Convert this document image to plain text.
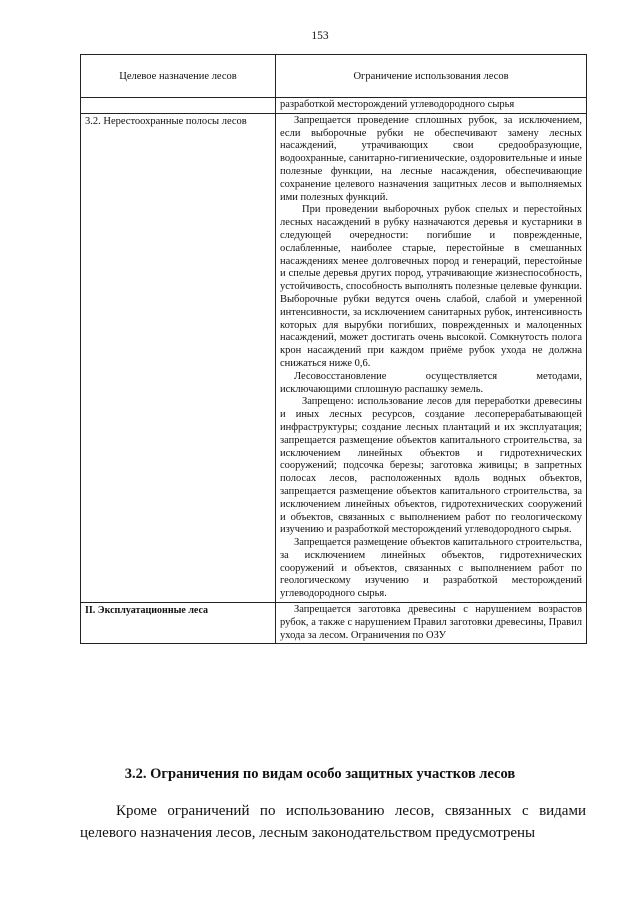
153
Целевое назначение лесов	Ограничение использования лесов

	разработкой месторождений углеводородного сырья

3.2. Нерестоохранные полосы лесов	Запрещается проведение сплошных рубок, за исключением, если выборочные рубки не обеспечивают замену лесных насаждений, утрачивающих свои средообразующие, водоохранные, санитарно-гигиенические, оздоровительные и иные полезные функции, на лесные насаждения, обеспечивающие сохранение целевого назначения защитных лесов и выполняемых ими полезных функций.

При проведении выборочных рубок спелых и перестойных лесных насаждений в рубку назначаются деревья и кустарники в следующей очередности: погибшие и поврежденные, ослабленные, наиболее старые, перестойные в смешанных насаждениях менее долговечных пород и генераций, перестойные и спелые деревья других пород, утрачивающие жизнеспособность, устойчивость, способность выполнять полезные целевые функции. Выборочные рубки ведутся очень слабой, слабой и умеренной интенсивности, за исключением санитарных рубок, интенсивность которых для вырубки погибших, поврежденных и малоценных насаждений, может достигать очень высокой. Сомкнутость полога крон насаждений при каждом приёме рубок ухода не должна снижаться ниже 0,6.

Лесовосстановление осуществляется методами, исключающими сплошную распашку земель.

Запрещено: использование лесов для переработки древесины и иных лесных ресурсов, создание лесоперерабатывающей инфраструктуры; создание лесных плантаций и их эксплуатация; запрещается размещение объектов капитального строительства, за исключением линейных объектов и гидротехнических сооружений; подсочка березы; заготовка живицы; в запретных полосах лесов, расположенных вдоль водных объектов, запрещается размещение объектов капитального строительства, за исключением линейных объектов, гидротехнических сооружений и объектов, связанных с выполнением работ по геологическому изучению и разработкой месторождений углеводородного сырья.

Запрещается размещение объектов капитального строительства, за исключением линейных объектов, гидротехнических сооружений и объектов, связанных с выполнением работ по геологическому изучению и разработкой месторождений углеводородного сырья.

II. Эксплуатационные леса	Запрещается заготовка древесины с нарушением возрастов рубок, а также с нарушением Правил заготовки древесины, Правил ухода за лесом. Ограничения по ОЗУ

3.2. Ограничения по видам особо защитных участков лесов

Кроме ограничений по использованию лесов, связанных с видами целевого назначения лесов, лесным законодательством предусмотрены
